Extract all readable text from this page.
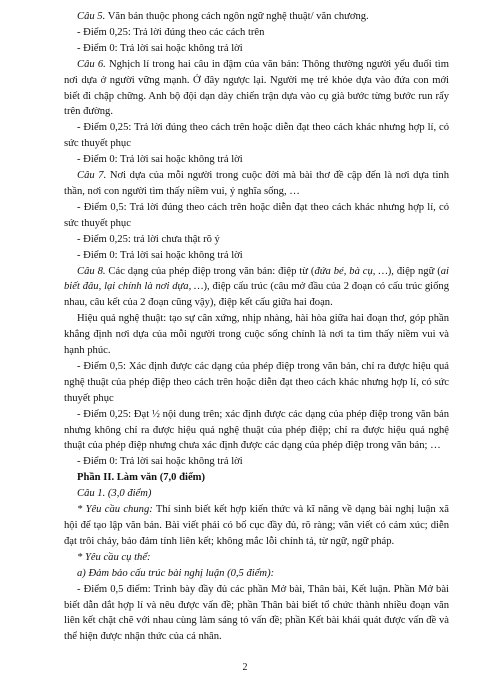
Câu 5. Văn bản thuộc phong cách ngôn ngữ nghệ thuật/ văn chương.

- Điểm 0,25: Trả lời đúng theo các cách trên

- Điểm 0: Trả lời sai hoặc không trả lời

Câu 6. Nghịch lí trong hai câu in đậm của văn bản: Thông thường người yếu đuối tìm nơi dựa ở người vững mạnh. Ở đây ngược lại. Người mẹ trẻ khỏe dựa vào đứa con mới biết đi chập chững. Anh bộ đội dạn dày chiến trận dựa vào cụ già bước từng bước run rẩy trên đường.

- Điểm 0,25: Trả lời đúng theo cách trên hoặc diễn đạt theo cách khác nhưng hợp lí, có sức thuyết phục

- Điểm 0: Trả lời sai hoặc không trả lời

Câu 7. Nơi dựa của mỗi người trong cuộc đời mà bài thơ đề cập đến là nơi dựa tinh thần, nơi con người tìm thấy niềm vui, ý nghĩa sống, …

- Điểm 0,5: Trả lời đúng theo cách trên hoặc diễn đạt theo cách khác nhưng hợp lí, có sức thuyết phục

- Điểm 0,25: trả lời chưa thật rõ ý

- Điểm 0: Trả lời sai hoặc không trả lời

Câu 8. Các dạng của phép điệp trong văn bản: điệp từ (đứa bé, bà cụ, …), điệp ngữ (ai biết đâu, lại chính là nơi dựa, …), điệp cấu trúc (câu mở đầu của 2 đoạn có cấu trúc giống nhau, câu kết của 2 đoạn cũng vậy), điệp kết cấu giữa hai đoạn.

Hiệu quả nghệ thuật: tạo sự cân xứng, nhịp nhàng, hài hòa giữa hai đoạn thơ, góp phần khẳng định nơi dựa của mỗi người trong cuộc sống chính là nơi ta tìm thấy niềm vui và hạnh phúc.

- Điểm 0,5: Xác định được các dạng của phép điệp trong văn bản, chỉ ra được hiệu quả nghệ thuật của phép điệp theo cách trên hoặc diễn đạt theo cách khác nhưng hợp lí, có sức thuyết phục

- Điểm 0,25: Đạt ½ nội dung trên; xác định được các dạng của phép điệp trong văn bản nhưng không chỉ ra được hiệu quả nghệ thuật của phép điệp; chỉ ra được hiệu quả nghệ thuật của phép điệp nhưng chưa xác định được các dạng của phép điệp trong văn bản; …

- Điểm 0: Trả lời sai hoặc không trả lời

Phần II. Làm văn (7,0 điểm)

Câu 1. (3,0 điểm)

* Yêu cầu chung: Thí sinh biết kết hợp kiến thức và kĩ năng về dạng bài nghị luận xã hội để tạo lập văn bản. Bài viết phải có bố cục đầy đủ, rõ ràng; văn viết có cảm xúc; diễn đạt trôi chảy, bảo đảm tính liên kết; không mắc lỗi chính tả, từ ngữ, ngữ pháp.

* Yêu cầu cụ thể:

a) Đảm bảo cấu trúc bài nghị luận (0,5 điểm):

- Điểm 0,5 điểm: Trình bày đầy đủ các phần Mở bài, Thân bài, Kết luận. Phần Mở bài biết dẫn dắt hợp lí và nêu được vấn đề; phần Thân bài biết tổ chức thành nhiều đoạn văn liên kết chặt chẽ với nhau cùng làm sáng tỏ vấn đề; phần Kết bài khái quát được vấn đề và thể hiện được nhận thức của cá nhân.

2
